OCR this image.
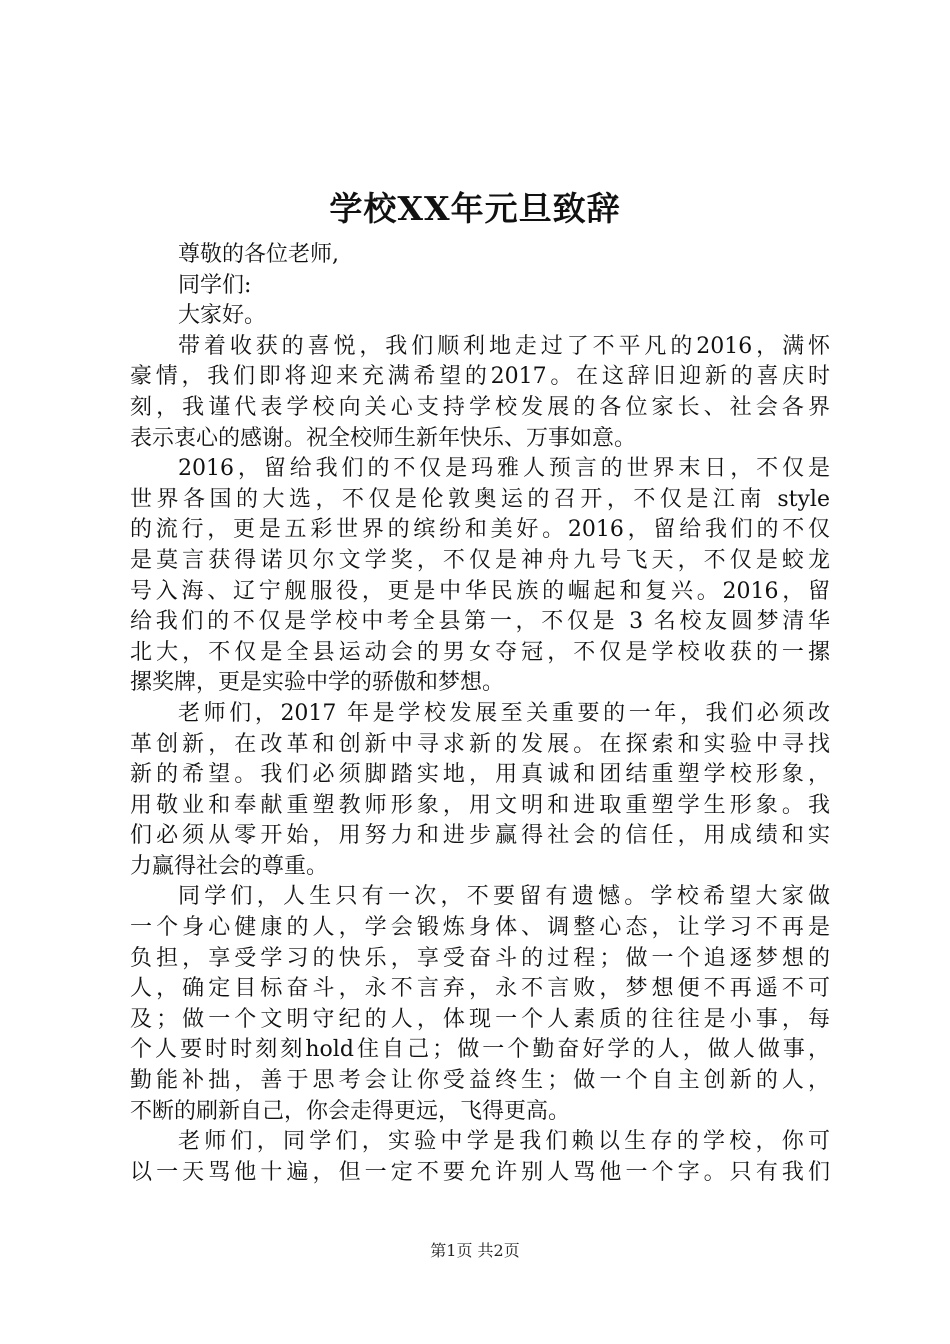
学校XX年元旦致辞
尊敬的各位老师,
同学们:
大家好。
带着收获的喜悦，我们顺利地走过了不平凡的2016，满怀
豪情，我们即将迎来充满希望的2017。在这辞旧迎新的喜庆时
刻，我谨代表学校向关心支持学校发展的各位家长、社会各界
表示衷心的感谢。祝全校师生新年快乐、万事如意。
2016，留给我们的不仅是玛雅人预言的世界末日，不仅是
世界各国的大选，不仅是伦敦奥运的召开，不仅是江南 style
的流行，更是五彩世界的缤纷和美好。2016，留给我们的不仅
是莫言获得诺贝尔文学奖，不仅是神舟九号飞天，不仅是蛟龙
号入海、辽宁舰服役，更是中华民族的崛起和复兴。2016，留
给我们的不仅是学校中考全县第一，不仅是 3 名校友圆梦清华
北大，不仅是全县运动会的男女夺冠，不仅是学校收获的一摞
摞奖牌，更是实验中学的骄傲和梦想。
老师们，2017 年是学校发展至关重要的一年，我们必须改
革创新，在改革和创新中寻求新的发展。在探索和实验中寻找
新的希望。我们必须脚踏实地，用真诚和团结重塑学校形象，
用敬业和奉献重塑教师形象，用文明和进取重塑学生形象。我
们必须从零开始，用努力和进步赢得社会的信任，用成绩和实
力赢得社会的尊重。
同学们，人生只有一次，不要留有遗憾。学校希望大家做
一个身心健康的人，学会锻炼身体、调整心态，让学习不再是
负担，享受学习的快乐，享受奋斗的过程；做一个追逐梦想的
人，确定目标奋斗，永不言弃，永不言败，梦想便不再遥不可
及；做一个文明守纪的人，体现一个人素质的往往是小事，每
个人要时时刻刻hold住自己；做一个勤奋好学的人，做人做事，
勤能补拙，善于思考会让你受益终生；做一个自主创新的人，
不断的刷新自己，你会走得更远，飞得更高。
老师们，同学们，实验中学是我们赖以生存的学校，你可
以一天骂他十遍，但一定不要允许别人骂他一个字。只有我们
第1页 共2页
